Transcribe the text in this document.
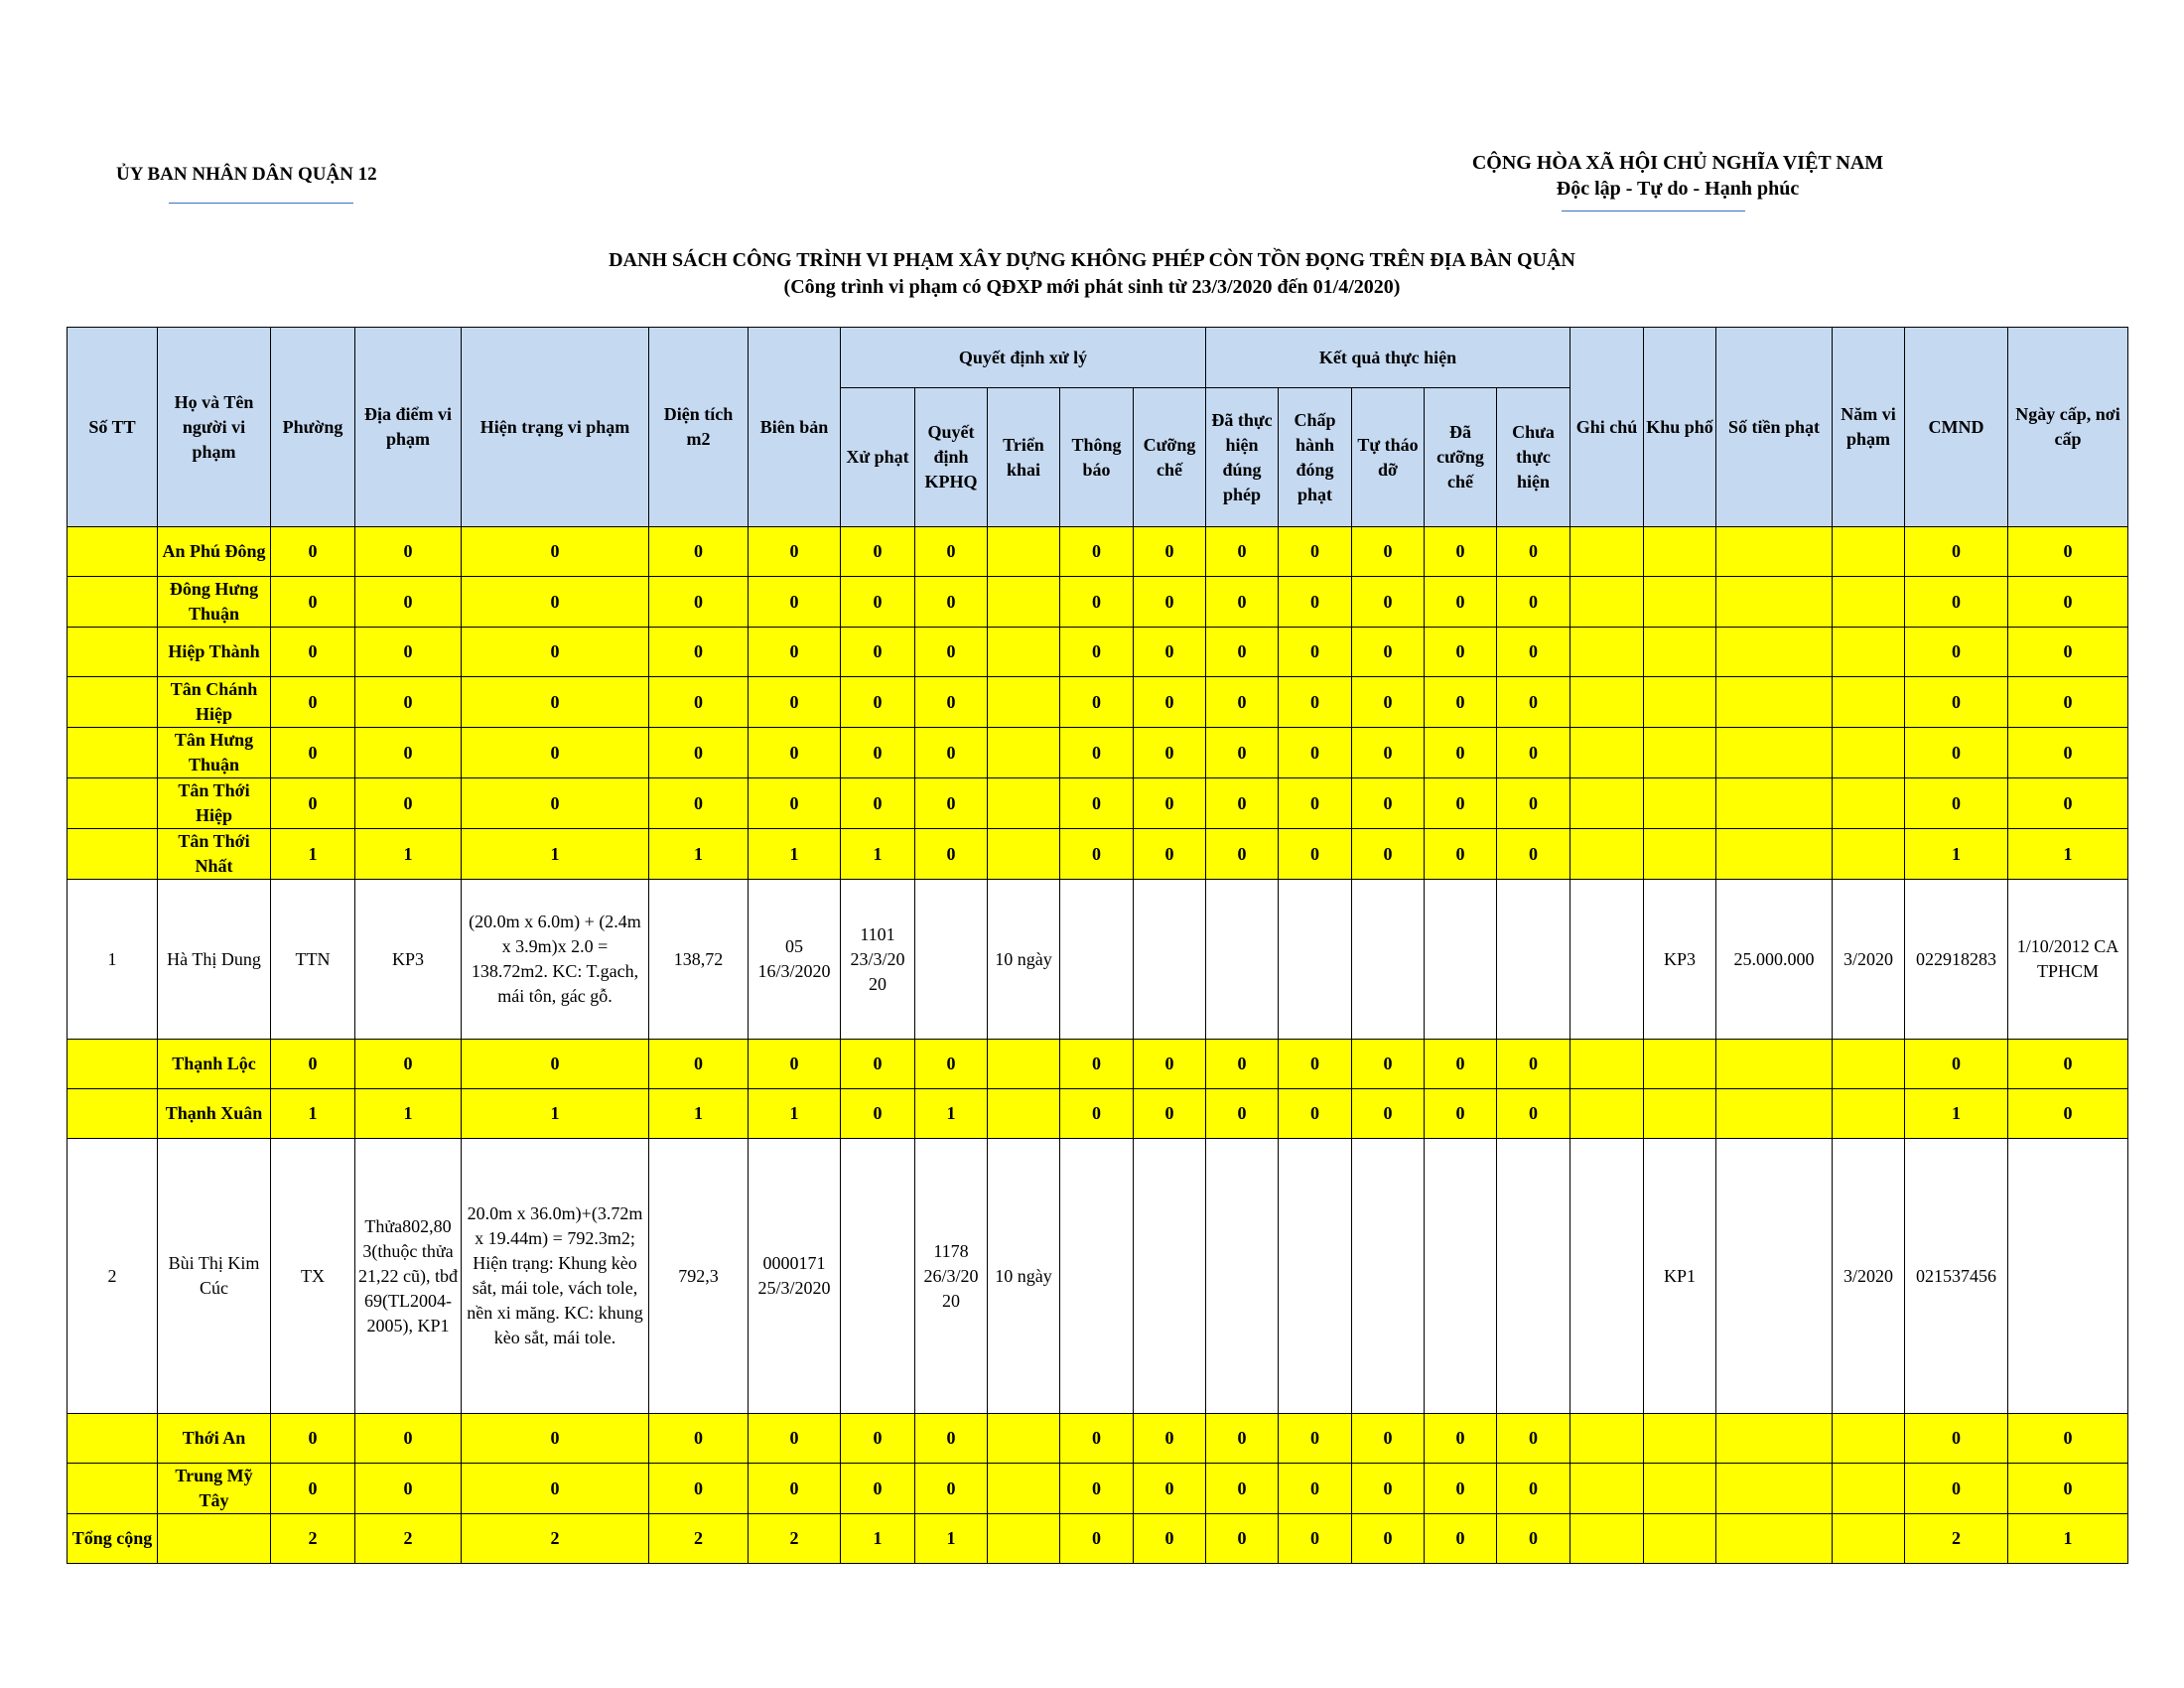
ỦY BAN NHÂN DÂN QUẬN 12
CỘNG HÒA XÃ HỘI CHỦ NGHĨA VIỆT NAM
Độc lập - Tự do - Hạnh phúc
DANH SÁCH CÔNG TRÌNH VI PHẠM XÂY DỰNG KHÔNG PHÉP CÒN TỒN ĐỌNG TRÊN ĐỊA BÀN QUẬN
(Công trình vi phạm có QĐXP mới phát sinh từ 23/3/2020 đến 01/4/2020)
Số TT	Họ và Tên người vi phạm	Phường	Địa điểm vi phạm	Hiện trạng vi phạm	Diện tích m2	Biên bản	Quyết định xử lý					Kết quả thực hiện					Ghi chú	Khu phố	Số tiền phạt	Năm vi phạm	CMND	Ngày cấp, nơi cấp
							Xử phạt	Quyết định KPHQ	Triển khai	Thông báo	Cưỡng chế	Đã thực hiện đúng phép	Chấp hành đóng phạt	Tự tháo dỡ	Đã cưỡng chế	Chưa thực hiện						
	An Phú Đông	0	0	0	0	0	0	0		0	0	0	0	0	0	0					0	0
	Đông Hưng Thuận	0	0	0	0	0	0	0		0	0	0	0	0	0	0					0	0
	Hiệp Thành	0	0	0	0	0	0	0		0	0	0	0	0	0	0					0	0
	Tân Chánh Hiệp	0	0	0	0	0	0	0		0	0	0	0	0	0	0					0	0
	Tân Hưng Thuận	0	0	0	0	0	0	0		0	0	0	0	0	0	0					0	0
	Tân Thới Hiệp	0	0	0	0	0	0	0		0	0	0	0	0	0	0					0	0
	Tân Thới Nhất	1	1	1	1	1	1	0		0	0	0	0	0	0	0					1	1
1	Hà Thị Dung	TTN	KP3	(20.0m x 6.0m) + (2.4m x 3.9m)x 2.0 = 138.72m2. KC: T.gach, mái tôn, gác gỗ.	138,72	05 16/3/2020	1101 23/3/20 20		10 ngày									KP3	25.000.000	3/2020	022918283	1/10/2012 CA TPHCM
	Thạnh Lộc	0	0	0	0	0	0	0		0	0	0	0	0	0	0					0	0
	Thạnh Xuân	1	1	1	1	1	0	1		0	0	0	0	0	0	0					1	0
2	Bùi Thị Kim Cúc	TX	Thửa802,80 3(thuộc thửa 21,22 cũ), tbđ 69(TL2004-2005), KP1	20.0m x 36.0m)+(3.72m x 19.44m) = 792.3m2; Hiện trạng: Khung kèo sắt, mái tole, vách tole, nền xi măng. KC: khung kèo sắt, mái tole.	792,3	0000171 25/3/2020		1178 26/3/20 20	10 ngày									KP1		3/2020	021537456	
	Thới An	0	0	0	0	0	0	0		0	0	0	0	0	0	0					0	0
	Trung Mỹ Tây	0	0	0	0	0	0	0		0	0	0	0	0	0	0					0	0
Tổng cộng		2	2	2	2	2	1	1		0	0	0	0	0	0	0					2	1
